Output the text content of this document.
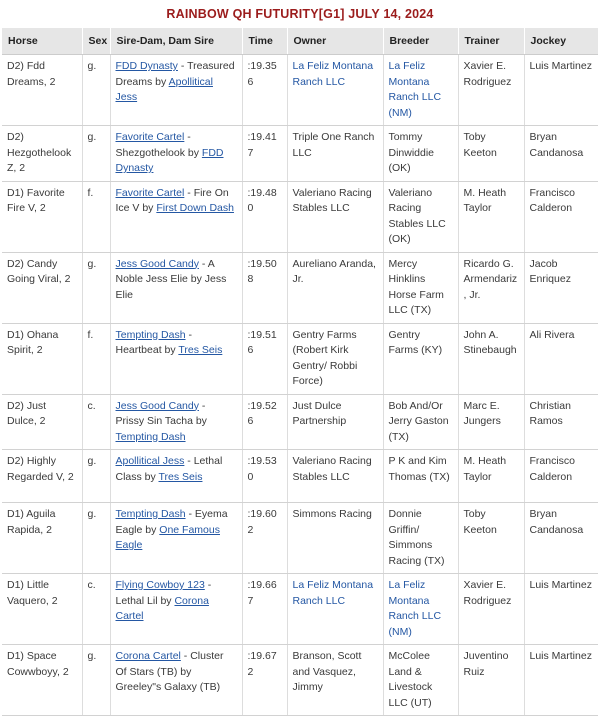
RAINBOW QH FUTURITY[G1] JULY 14, 2024
Horse	Sex	Sire-Dam, Dam Sire	Time	Owner	Breeder	Trainer	Jockey
D2) Fdd Dreams, 2	g.	FDD Dynasty - Treasured Dreams by Apollitical Jess	:19.356	La Feliz Montana Ranch LLC	La Feliz Montana Ranch LLC (NM)	Xavier E. Rodriguez	Luis Martinez
D2) Hezgothelook Z, 2	g.	Favorite Cartel - Shezgothelook by FDD Dynasty	:19.417	Triple One Ranch LLC	Tommy Dinwiddie (OK)	Toby Keeton	Bryan Candanosa
D1) Favorite Fire V, 2	f.	Favorite Cartel - Fire On Ice V by First Down Dash	:19.480	Valeriano Racing Stables LLC	Valeriano Racing Stables LLC (OK)	M. Heath Taylor	Francisco Calderon
D2) Candy Going Viral, 2	g.	Jess Good Candy - A Noble Jess Elie by Jess Elie	:19.508	Aureliano Aranda, Jr.	Mercy Hinklins Horse Farm LLC (TX)	Ricardo G. Armendariz, Jr.	Jacob Enriquez
D1) Ohana Spirit, 2	f.	Tempting Dash - Heartbeat by Tres Seis	:19.516	Gentry Farms (Robert Kirk Gentry/ Robbi Force)	Gentry Farms (KY)	John A. Stinebaugh	Ali Rivera
D2) Just Dulce, 2	c.	Jess Good Candy - Prissy Sin Tacha by Tempting Dash	:19.526	Just Dulce Partnership	Bob And/Or Jerry Gaston (TX)	Marc E. Jungers	Christian Ramos
D2) Highly Regarded V, 2	g.	Apollitical Jess - Lethal Class by Tres Seis	:19.530	Valeriano Racing Stables LLC	P K and Kim Thomas (TX)	M. Heath Taylor	Francisco Calderon
D1) Aguila Rapida, 2	g.	Tempting Dash - Eyema Eagle by One Famous Eagle	:19.602	Simmons Racing	Donnie Griffin/ Simmons Racing (TX)	Toby Keeton	Bryan Candanosa
D1) Little Vaquero, 2	c.	Flying Cowboy 123 - Lethal Lil by Corona Cartel	:19.667	La Feliz Montana Ranch LLC	La Feliz Montana Ranch LLC (NM)	Xavier E. Rodriguez	Luis Martinez
D1) Space Cowwboyy, 2	g.	Corona Cartel - Cluster Of Stars (TB) by Greeley"s Galaxy (TB)	:19.672	Branson, Scott and Vasquez, Jimmy	McColee Land & Livestock LLC (UT)	Juventino Ruiz	Luis Martinez
